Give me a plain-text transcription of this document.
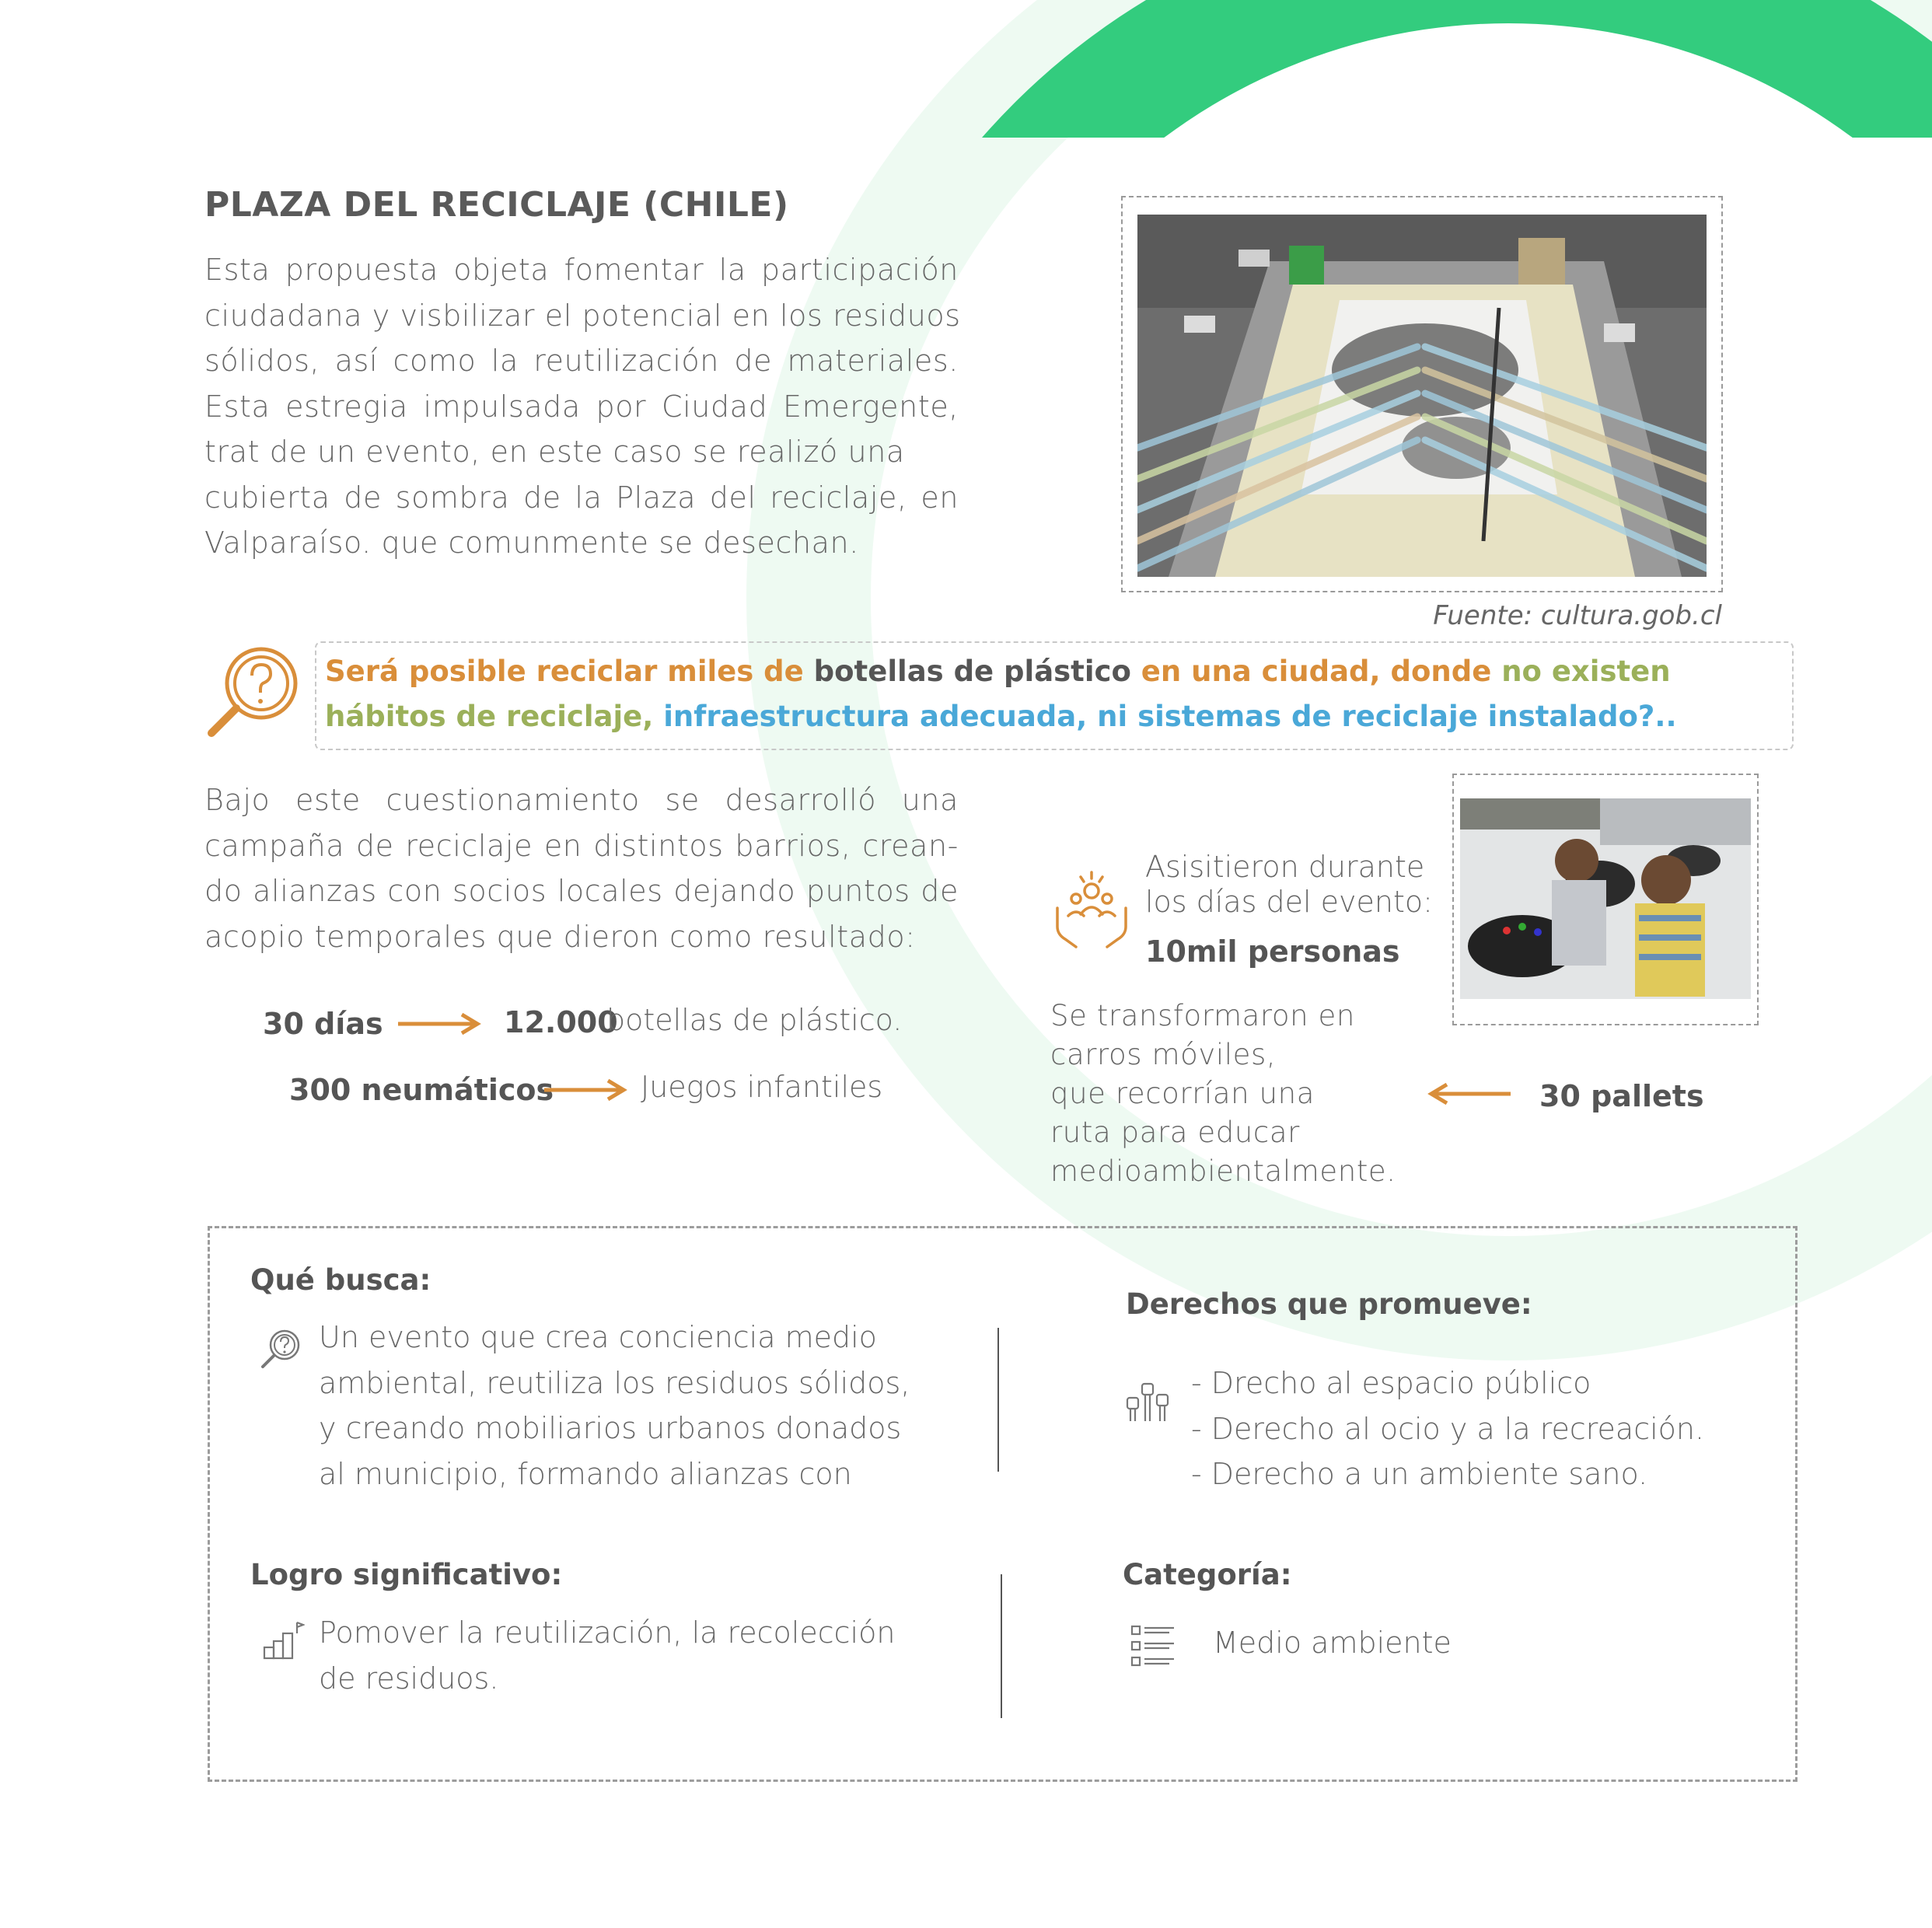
PLAZA DEL RECICLAJE (CHILE)
Esta propuesta objeta fomentar la participación
ciudadana y visbilizar el potencial en los residuos
sólidos, así como la reutilización de materiales.
Esta estregia impulsada por Ciudad Emergente,
trat de un evento, en este caso se realizó una
cubierta de sombra de la Plaza del reciclaje, en
Valparaíso. que comunmente se desechan.
Fuente: cultura.gob.cl
Será posible reciclar miles de botellas de plástico en una ciudad, donde no existen hábitos de reciclaje, infraestructura adecuada, ni sistemas de reciclaje instalado?..
Bajo este cuestionamiento se desarrolló una
campaña de reciclaje en distintos barrios, crean-
do alianzas con socios locales dejando puntos de
acopio temporales que dieron como resultado:
30 días	12.000
botellas de plástico.
300 neumáticos	Juegos infantiles
Asisitieron durante
los días del evento:
10mil personas
Se transformaron en
carros móviles,
que recorrían una
ruta para educar
medioambientalmente.
30 pallets
Qué busca:
Un evento que crea conciencia medio
ambiental, reutiliza los residuos sólidos,
y creando mobiliarios urbanos donados
al municipio, formando alianzas con
Derechos que promueve:
- Drecho al espacio público
- Derecho al ocio y a la recreación.
- Derecho a un ambiente sano.
Logro significativo:
Pomover la reutilización, la recolección
de residuos.
Categoría:
Medio ambiente
